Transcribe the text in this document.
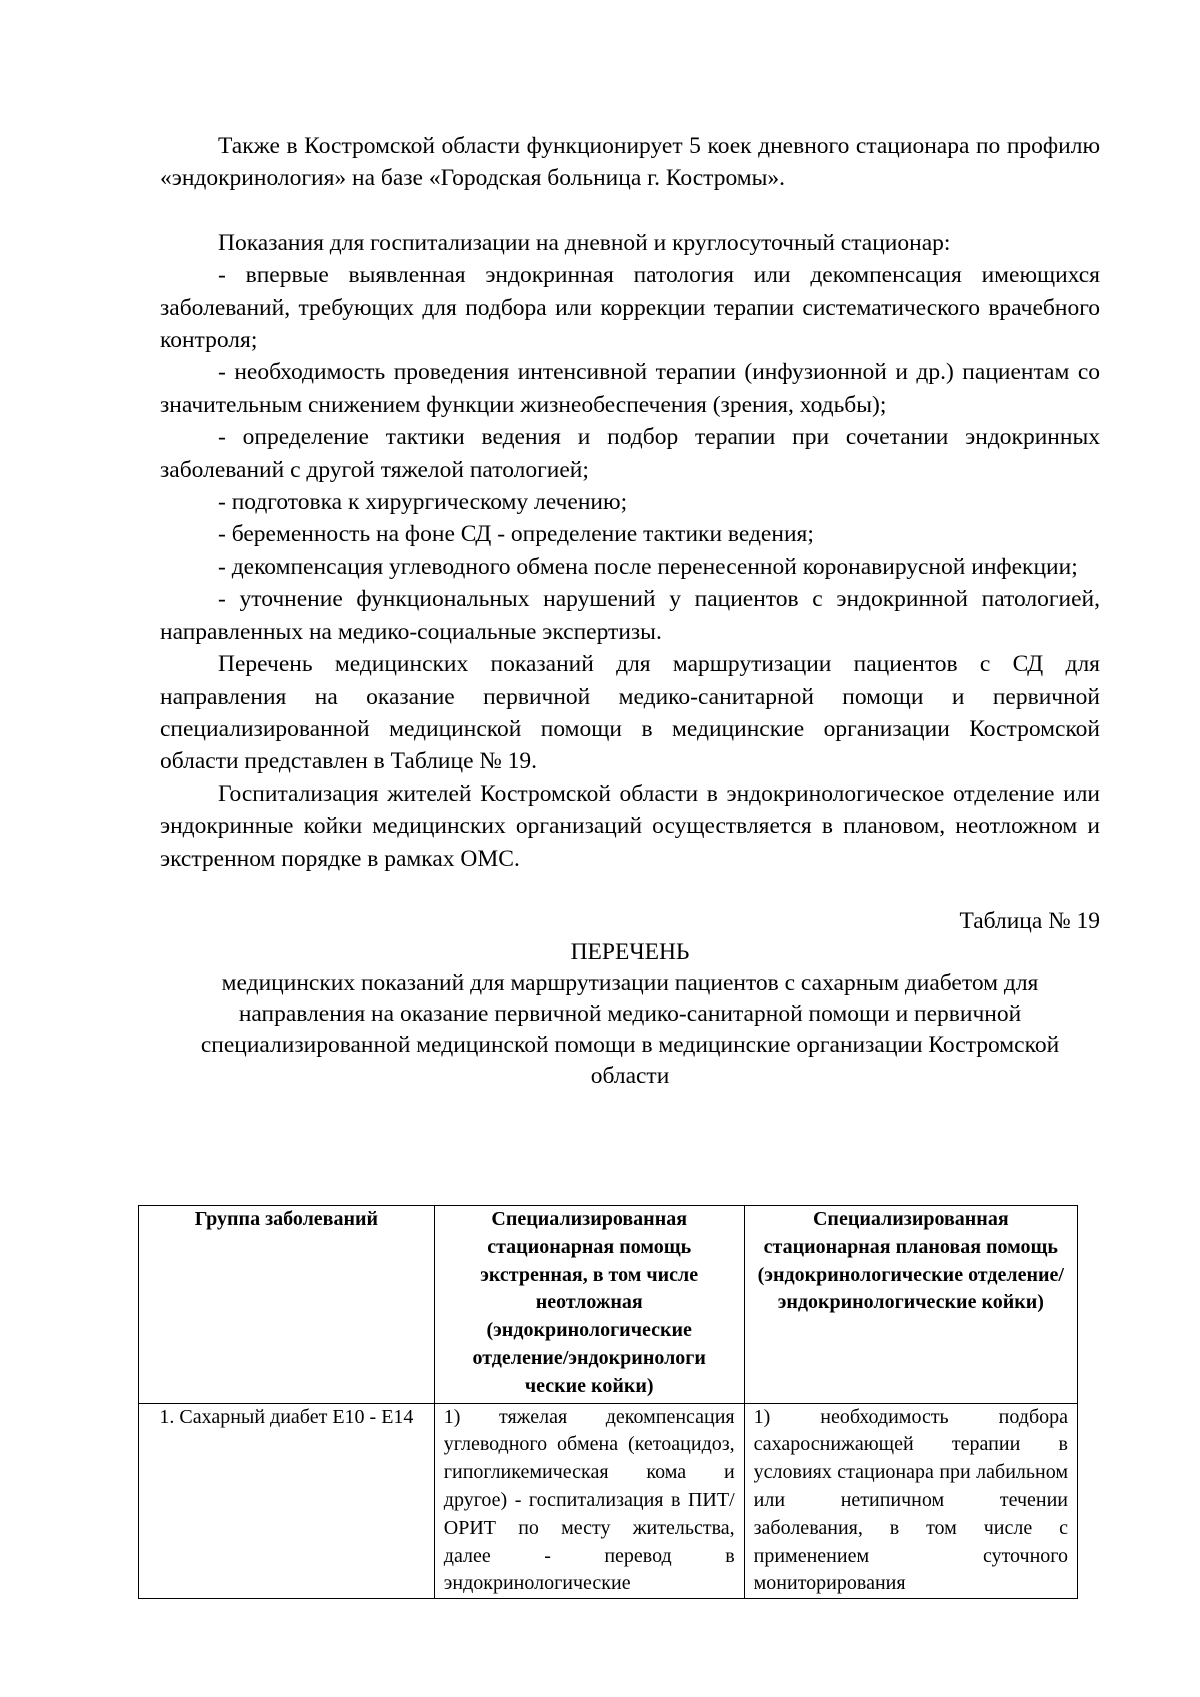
Также в Костромской области функционирует 5 коек дневного стационара по профилю «эндокринология» на базе «Городская больница г. Костромы».

Показания для госпитализации на дневной и круглосуточный стационар:

- впервые выявленная эндокринная патология или декомпенсация имеющихся заболеваний, требующих для подбора или коррекции терапии систематического врачебного контроля;

- необходимость проведения интенсивной терапии (инфузионной и др.) пациентам со значительным снижением функции жизнеобеспечения (зрения, ходьбы);

- определение тактики ведения и подбор терапии при сочетании эндокринных заболеваний с другой тяжелой патологией;

- подготовка к хирургическому лечению;

- беременность на фоне СД - определение тактики ведения;

- декомпенсация углеводного обмена после перенесенной коронавирусной инфекции;

- уточнение функциональных нарушений у пациентов с эндокринной патологией, направленных на медико-социальные экспертизы.

Перечень медицинских показаний для маршрутизации пациентов с СД для направления на оказание первичной медико-санитарной помощи и первичной специализированной медицинской помощи в медицинские организации Костромской области представлен в Таблице № 19.

Госпитализация жителей Костромской области в эндокринологическое отделение или эндокринные койки медицинских организаций осуществляется в плановом, неотложном и экстренном порядке в рамках ОМС.

Таблица № 19

ПЕРЕЧЕНЬ

медицинских показаний для маршрутизации пациентов с сахарным диабетом для направления на оказание первичной медико-санитарной помощи и первичной специализированной медицинской помощи в медицинские организации Костромской области

Группа заболеваний	Специализированная стационарная помощь экстренная, в том числе неотложная (эндокринологические отделение/эндокринологи ческие койки)	Специализированная стационарная плановая помощь (эндокринологические отделение/ эндокринологические койки)
1. Сахарный диабет Е10 - Е14	1) тяжелая декомпенсация углеводного обмена (кетоацидоз, гипогликемическая кома и другое) - госпитализация в ПИТ/ОРИТ по месту жительства, далее - перевод в эндокринологические	1) необходимость подбора сахароснижающей терапии в условиях стационара при лабильном или нетипичном течении заболевания, в том числе с применением суточного мониторирования
